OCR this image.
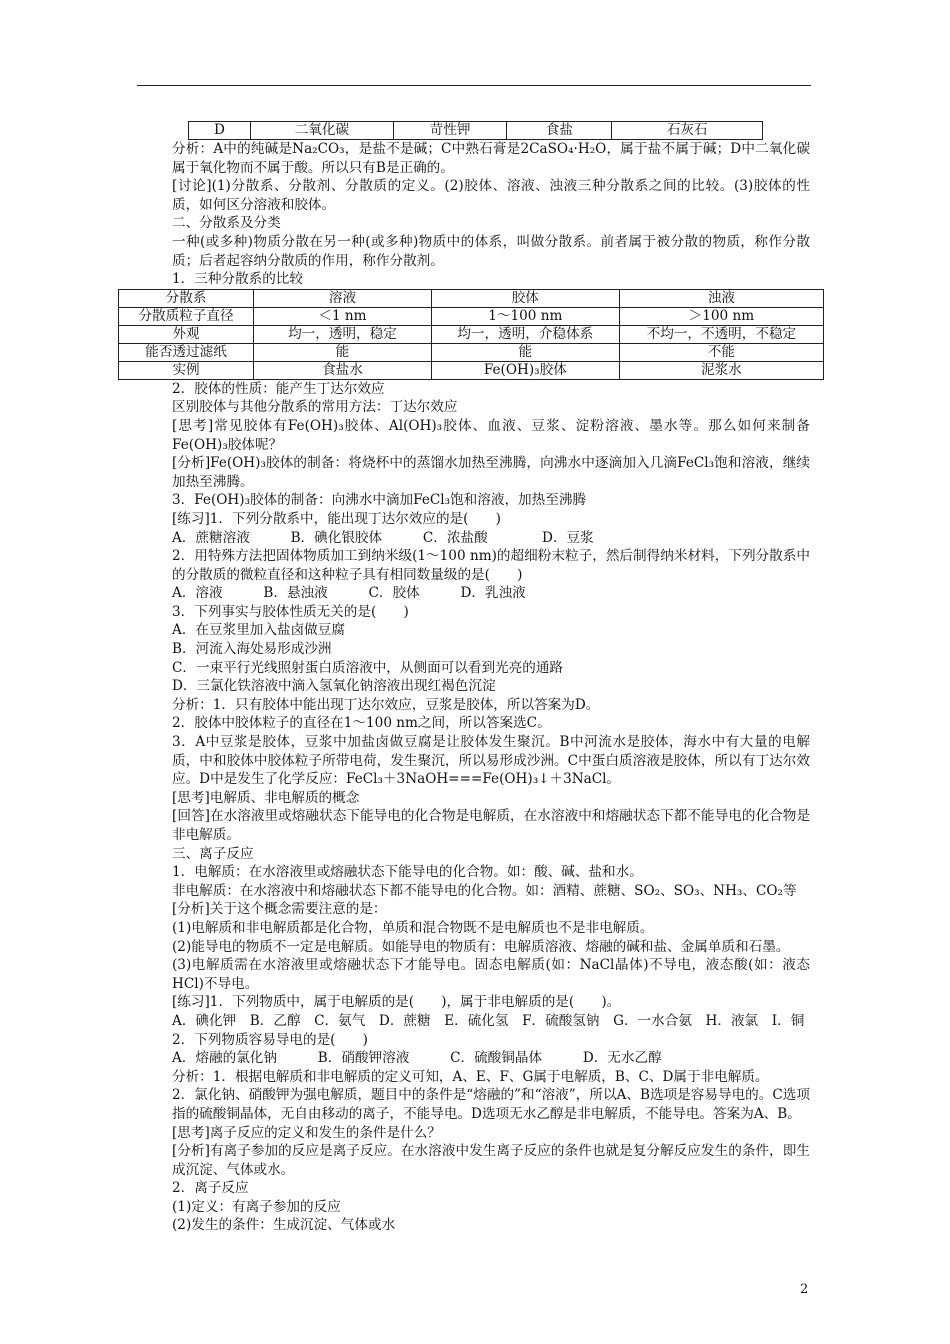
D	二氧化碳	苛性钾	食盐	石灰石

分析：A中的纯碱是Na₂CO₃，是盐不是碱；C中熟石膏是2CaSO₄·H₂O，属于盐不属于碱；D中二氧化碳属于氧化物而不属于酸。所以只有B是正确的。

[讨论](1)分散系、分散剂、分散质的定义。(2)胶体、溶液、浊液三种分散系之间的比较。(3)胶体的性质，如何区分溶液和胶体。

二、分散系及分类

一种(或多种)物质分散在另一种(或多种)物质中的体系，叫做分散系。前者属于被分散的物质，称作分散质；后者起容纳分散质的作用，称作分散剂。

1．三种分散系的比较

分散系	溶液	胶体	浊液
分散质粒子直径	＜1 nm	1～100 nm	＞100 nm
外观	均一，透明，稳定	均一，透明，介稳体系	不均一，不透明，不稳定
能否透过滤纸	能	能	不能
实例	食盐水	Fe(OH)₃胶体	泥浆水

2．胶体的性质：能产生丁达尔效应

区别胶体与其他分散系的常用方法：丁达尔效应

[思考]常见胶体有Fe(OH)₃胶体、Al(OH)₃胶体、血液、豆浆、淀粉溶液、墨水等。那么如何来制备Fe(OH)₃胶体呢？

[分析]Fe(OH)₃胶体的制备：将烧杯中的蒸馏水加热至沸腾，向沸水中逐滴加入几滴FeCl₃饱和溶液，继续加热至沸腾。

3．Fe(OH)₃胶体的制备：向沸水中滴加FeCl₃饱和溶液，加热至沸腾

[练习]1．下列分散系中，能出现丁达尔效应的是(　　)

A．蔗糖溶液　　　B．碘化银胶体　　　C．浓盐酸　　　　D．豆浆

2．用特殊方法把固体物质加工到纳米级(1～100 nm)的超细粉末粒子，然后制得纳米材料，下列分散系中的分散质的微粒直径和这种粒子具有相同数量级的是(　　)

A．溶液　　　B．悬浊液　　　C．胶体　　　D．乳浊液

3．下列事实与胶体性质无关的是(　　)

A．在豆浆里加入盐卤做豆腐

B．河流入海处易形成沙洲

C．一束平行光线照射蛋白质溶液中，从侧面可以看到光亮的通路

D．三氯化铁溶液中滴入氢氧化钠溶液出现红褐色沉淀

分析：1．只有胶体中能出现丁达尔效应，豆浆是胶体，所以答案为D。

2．胶体中胶体粒子的直径在1～100 nm之间，所以答案选C。

3．A中豆浆是胶体，豆浆中加盐卤做豆腐是让胶体发生聚沉。B中河流水是胶体，海水中有大量的电解质，中和胶体中胶体粒子所带电荷，发生聚沉，所以易形成沙洲。C中蛋白质溶液是胶体，所以有丁达尔效应。D中是发生了化学反应：FeCl₃＋3NaOH===Fe(OH)₃↓＋3NaCl。

[思考]电解质、非电解质的概念

[回答]在水溶液里或熔融状态下能导电的化合物是电解质，在水溶液中和熔融状态下都不能导电的化合物是非电解质。

三、离子反应

1．电解质：在水溶液里或熔融状态下能导电的化合物。如：酸、碱、盐和水。

非电解质：在水溶液中和熔融状态下都不能导电的化合物。如：酒精、蔗糖、SO₂、SO₃、NH₃、CO₂等

[分析]关于这个概念需要注意的是：

(1)电解质和非电解质都是化合物，单质和混合物既不是电解质也不是非电解质。

(2)能导电的物质不一定是电解质。如能导电的物质有：电解质溶液、熔融的碱和盐、金属单质和石墨。

(3)电解质需在水溶液里或熔融状态下才能导电。固态电解质(如：NaCl晶体)不导电，液态酸(如：液态HCl)不导电。

[练习]1．下列物质中，属于电解质的是(　　)，属于非电解质的是(　　)。

A．碘化钾　B．乙醇　C．氨气　D．蔗糖　E．硫化氢　F．硫酸氢钠　G．一水合氨　H．液氯　I．铜

2．下列物质容易导电的是(　　)

A．熔融的氯化钠　　　B．硝酸钾溶液　　　C．硫酸铜晶体　　　D．无水乙醇

分析：1．根据电解质和非电解质的定义可知，A、E、F、G属于电解质，B、C、D属于非电解质。

2．氯化钠、硝酸钾为强电解质，题目中的条件是“熔融的”和“溶液”，所以A、B选项是容易导电的。C选项指的硫酸铜晶体，无自由移动的离子，不能导电。D选项无水乙醇是非电解质，不能导电。答案为A、B。

[思考]离子反应的定义和发生的条件是什么？

[分析]有离子参加的反应是离子反应。在水溶液中发生离子反应的条件也就是复分解反应发生的条件，即生成沉淀、气体或水。

2．离子反应

(1)定义：有离子参加的反应

(2)发生的条件：生成沉淀、气体或水

2
